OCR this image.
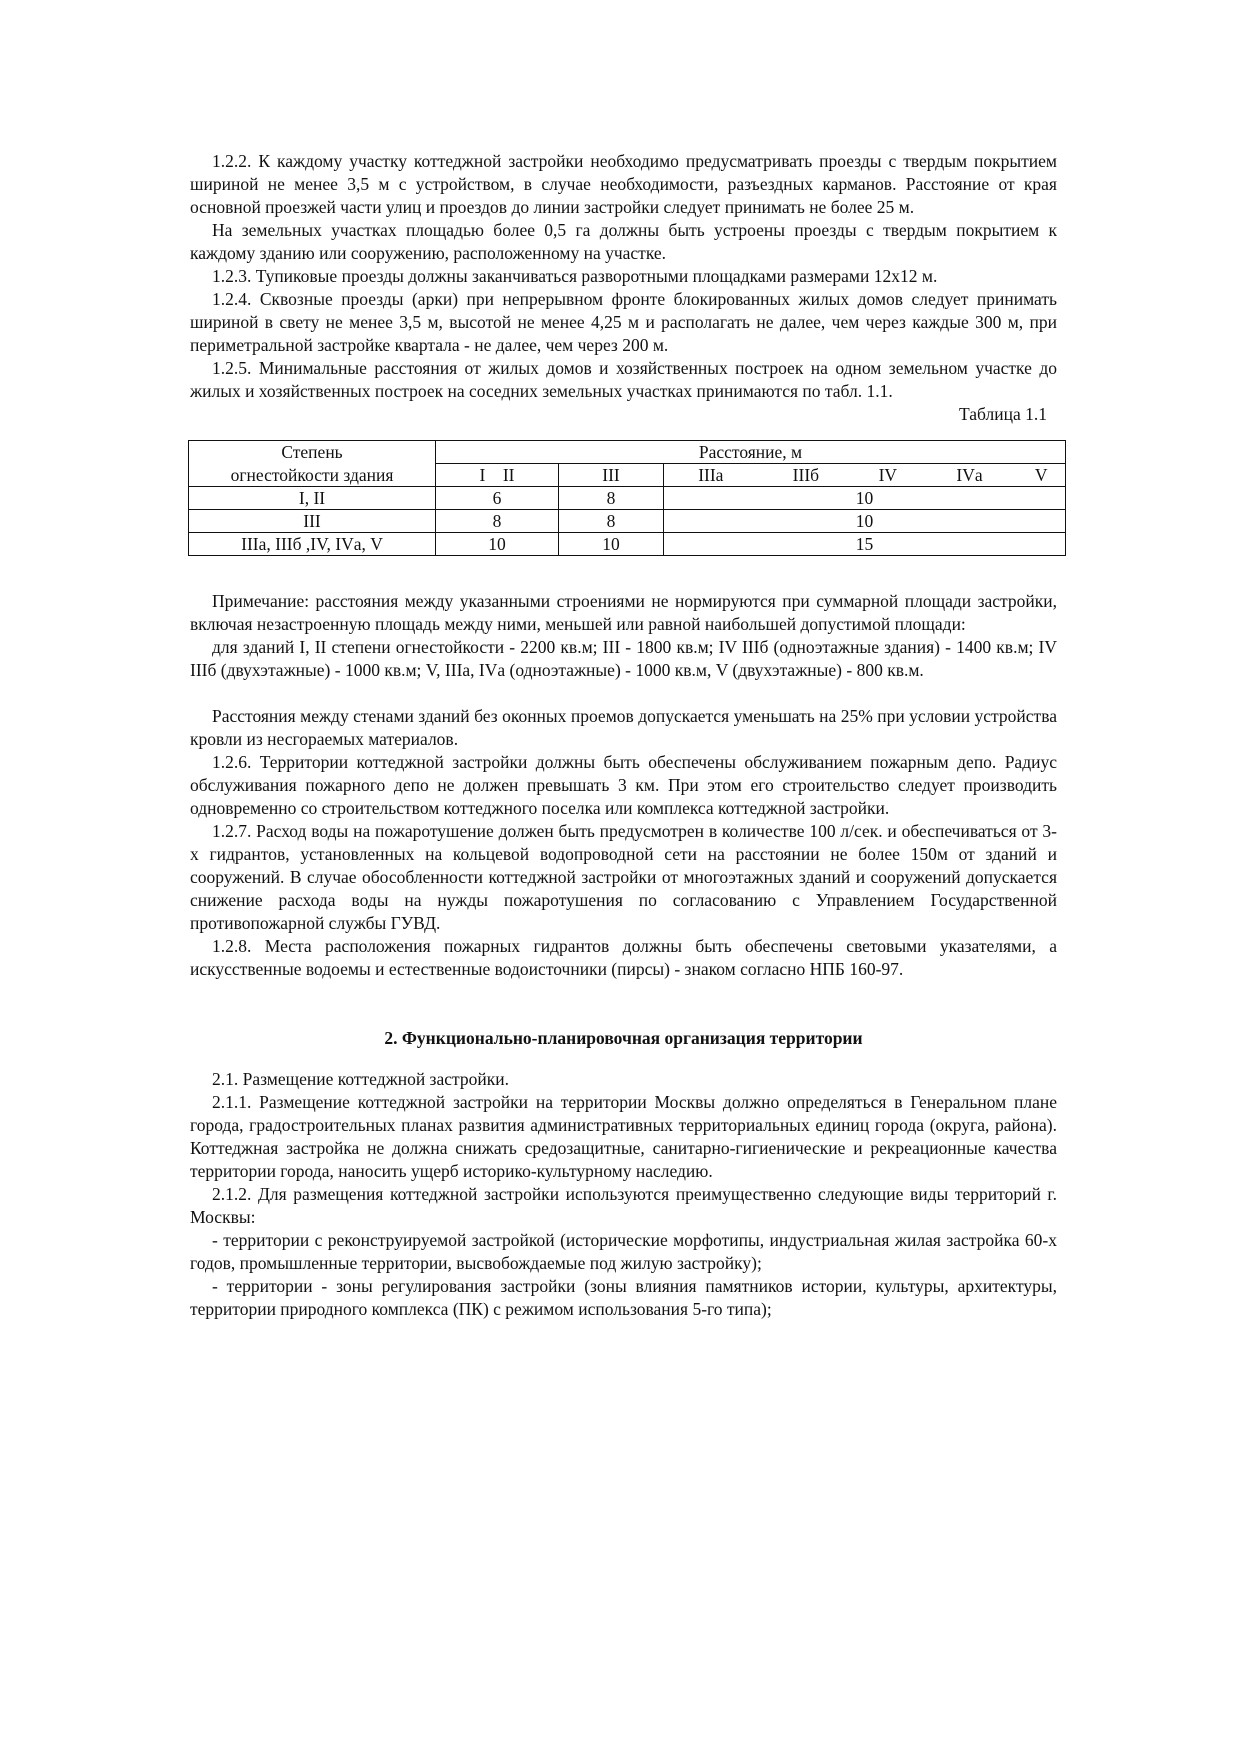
1.2.2. К каждому участку коттеджной застройки необходимо предусматривать проезды с твердым покрытием шириной не менее 3,5 м с устройством, в случае необходимости, разъездных карманов. Расстояние от края основной проезжей части улиц и проездов до линии застройки следует принимать не более 25 м.

На земельных участках площадью более 0,5 га должны быть устроены проезды с твердым покрытием к каждому зданию или сооружению, расположенному на участке.

1.2.3. Тупиковые проезды должны заканчиваться разворотными площадками размерами 12x12 м.

1.2.4. Сквозные проезды (арки) при непрерывном фронте блокированных жилых домов следует принимать шириной в свету не менее 3,5 м, высотой не менее 4,25 м и располагать не далее, чем через каждые 300 м, при периметральной застройке квартала - не далее, чем через 200 м.

1.2.5. Минимальные расстояния от жилых домов и хозяйственных построек на одном земельном участке до жилых и хозяйственных построек на соседних земельных участках принимаются по табл. 1.1.

Таблица 1.1

Степень	Расстояние, м						
огнестойкости здания	I    II	III	IIIа	IIIб	IV	IVа	V
I, II	6	8	10				
III	8	8	10				
IIIа, IIIб ,IV, IVа, V	10	10	15				

Примечание: расстояния между указанными строениями не нормируются при суммарной площади застройки, включая незастроенную площадь между ними, меньшей или равной наибольшей допустимой площади:

для зданий I, II степени огнестойкости - 2200 кв.м; III - 1800 кв.м; IV IIIб (одноэтажные здания) - 1400 кв.м; IV IIIб (двухэтажные) - 1000 кв.м; V, IIIа, IVа (одноэтажные) - 1000 кв.м, V (двухэтажные) - 800 кв.м.

Расстояния между стенами зданий без оконных проемов допускается уменьшать на 25% при условии устройства кровли из несгораемых материалов.

1.2.6. Территории коттеджной застройки должны быть обеспечены обслуживанием пожарным депо. Радиус обслуживания пожарного депо не должен превышать 3 км. При этом его строительство следует производить одновременно со строительством коттеджного поселка или комплекса коттеджной застройки.

1.2.7. Расход воды на пожаротушение должен быть предусмотрен в количестве 100 л/сек. и обеспечиваться от 3-х гидрантов, установленных на кольцевой водопроводной сети на расстоянии не более 150м от зданий и сооружений. В случае обособленности коттеджной застройки от многоэтажных зданий и сооружений допускается снижение расхода воды на нужды пожаротушения по согласованию с Управлением Государственной противопожарной службы ГУВД.

1.2.8. Места расположения пожарных гидрантов должны быть обеспечены световыми указателями, а искусственные водоемы и естественные водоисточники (пирсы) - знаком согласно НПБ 160-97.

2. Функционально-планировочная организация территории

2.1. Размещение коттеджной застройки.

2.1.1. Размещение коттеджной застройки на территории Москвы должно определяться в Генеральном плане города, градостроительных планах развития административных территориальных единиц города (округа, района). Коттеджная застройка не должна снижать средозащитные, санитарно-гигиенические и рекреационные качества территории города, наносить ущерб историко-культурному наследию.

2.1.2. Для размещения коттеджной застройки используются преимущественно следующие виды территорий г. Москвы:

- территории с реконструируемой застройкой (исторические морфотипы, индустриальная жилая застройка 60-х годов, промышленные территории, высвобождаемые под жилую застройку);

- территории - зоны регулирования застройки (зоны влияния памятников истории, культуры, архитектуры, территории природного комплекса (ПК) с режимом использования 5-го типа);
